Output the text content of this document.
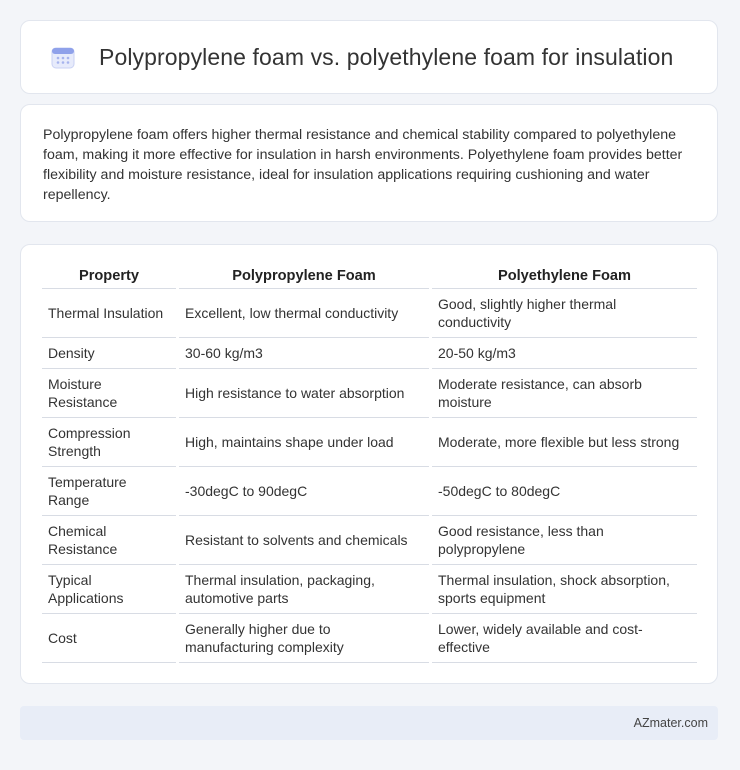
Polypropylene foam vs. polyethylene foam for insulation

Polypropylene foam offers higher thermal resistance and chemical stability compared to polyethylene foam, making it more effective for insulation in harsh environments. Polyethylene foam provides better flexibility and moisture resistance, ideal for insulation applications requiring cushioning and water repellency.

Property	Polypropylene Foam	Polyethylene Foam
Thermal Insulation	Excellent, low thermal conductivity	Good, slightly higher thermal conductivity
Density	30-60 kg/m3	20-50 kg/m3
Moisture Resistance	High resistance to water absorption	Moderate resistance, can absorb moisture
Compression Strength	High, maintains shape under load	Moderate, more flexible but less strong
Temperature Range	-30degC to 90degC	-50degC to 80degC
Chemical Resistance	Resistant to solvents and chemicals	Good resistance, less than polypropylene
Typical Applications	Thermal insulation, packaging, automotive parts	Thermal insulation, shock absorption, sports equipment
Cost	Generally higher due to manufacturing complexity	Lower, widely available and cost-effective
AZmater.com
